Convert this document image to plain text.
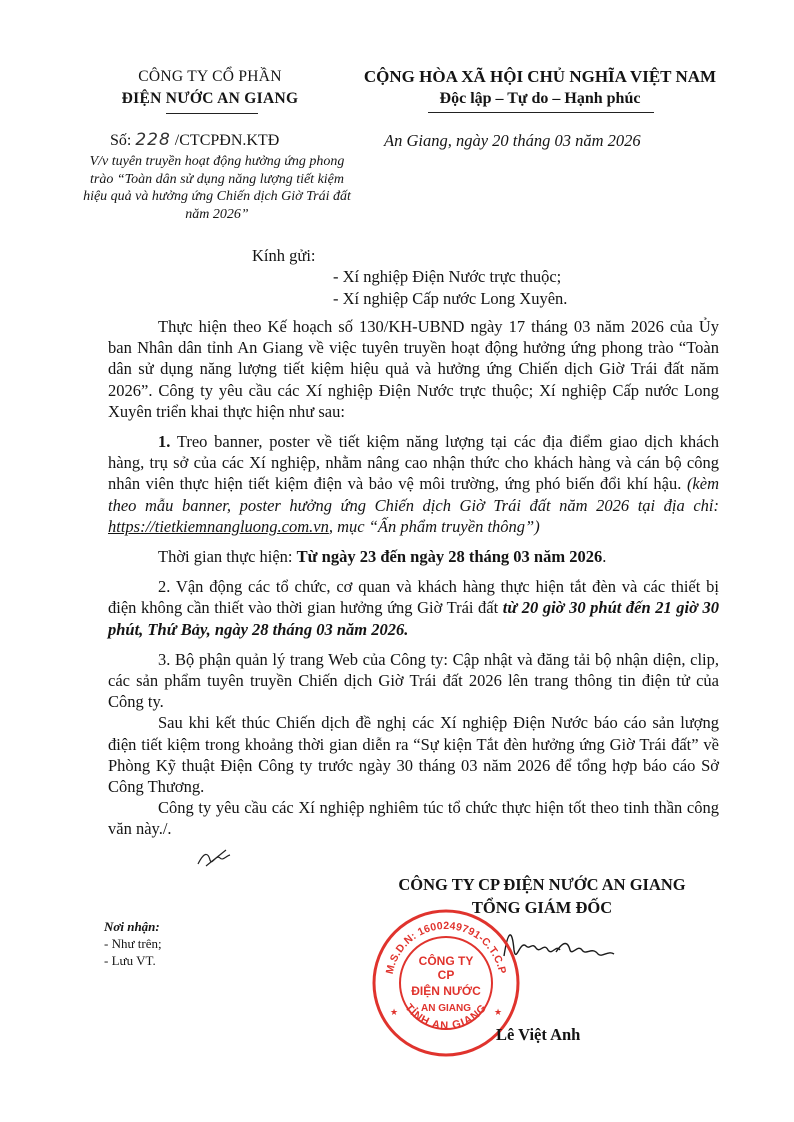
CÔNG TY CỔ PHẦN
ĐIỆN NƯỚC AN GIANG
CỘNG HÒA XÃ HỘI CHỦ NGHĨA VIỆT NAM
Độc lập – Tự do – Hạnh phúc
Số: 228 /CTCPĐN.KTĐ
V/v tuyên truyền hoạt động hưởng ứng phong trào “Toàn dân sử dụng năng lượng tiết kiệm hiệu quả và hưởng ứng Chiến dịch Giờ Trái đất năm 2026”
An Giang, ngày 20 tháng 03 năm 2026
Kính gửi:
- Xí nghiệp Điện Nước trực thuộc;
- Xí nghiệp Cấp nước Long Xuyên.

Thực hiện theo Kế hoạch số 130/KH-UBND ngày 17 tháng 03 năm 2026 của Ủy ban Nhân dân tỉnh An Giang về việc tuyên truyền hoạt động hưởng ứng phong trào “Toàn dân sử dụng năng lượng tiết kiệm hiệu quả và hưởng ứng Chiến dịch Giờ Trái đất năm 2026”. Công ty yêu cầu các Xí nghiệp Điện Nước trực thuộc; Xí nghiệp Cấp nước Long Xuyên triển khai thực hiện như sau:

1. Treo banner, poster về tiết kiệm năng lượng tại các địa điểm giao dịch khách hàng, trụ sở của các Xí nghiệp, nhằm nâng cao nhận thức cho khách hàng và cán bộ công nhân viên thực hiện tiết kiệm điện và bảo vệ môi trường, ứng phó biến đổi khí hậu. (kèm theo mẫu banner, poster hưởng ứng Chiến dịch Giờ Trái đất năm 2026 tại địa chỉ: https://tietkiemnangluong.com.vn, mục “Ấn phẩm truyền thông”)

Thời gian thực hiện: Từ ngày 23 đến ngày 28 tháng 03 năm 2026.

2. Vận động các tổ chức, cơ quan và khách hàng thực hiện tắt đèn và các thiết bị điện không cần thiết vào thời gian hưởng ứng Giờ Trái đất từ 20 giờ 30 phút đến 21 giờ 30 phút, Thứ Bảy, ngày 28 tháng 03 năm 2026.

3. Bộ phận quản lý trang Web của Công ty: Cập nhật và đăng tải bộ nhận diện, clip, các sản phẩm tuyên truyền Chiến dịch Giờ Trái đất 2026 lên trang thông tin điện tử của Công ty.

Sau khi kết thúc Chiến dịch đề nghị các Xí nghiệp Điện Nước báo cáo sản lượng điện tiết kiệm trong khoảng thời gian diễn ra “Sự kiện Tắt đèn hưởng ứng Giờ Trái đất” về Phòng Kỹ thuật Điện Công ty trước ngày 30 tháng 03 năm 2026 để tổng hợp báo cáo Sở Công Thương.

Công ty yêu cầu các Xí nghiệp nghiêm túc tổ chức thực hiện tốt theo tinh thần công văn này./.

CÔNG TY CP ĐIỆN NƯỚC AN GIANG
TỔNG GIÁM ĐỐC
M.S.D.N: 1600249791-C.T.C.P
TỈNH AN GIANG
CÔNG TY
CP
ĐIỆN NƯỚC
AN GIANG
★	★
Lê Việt Anh
Nơi nhận:
- Như trên;
- Lưu VT.
